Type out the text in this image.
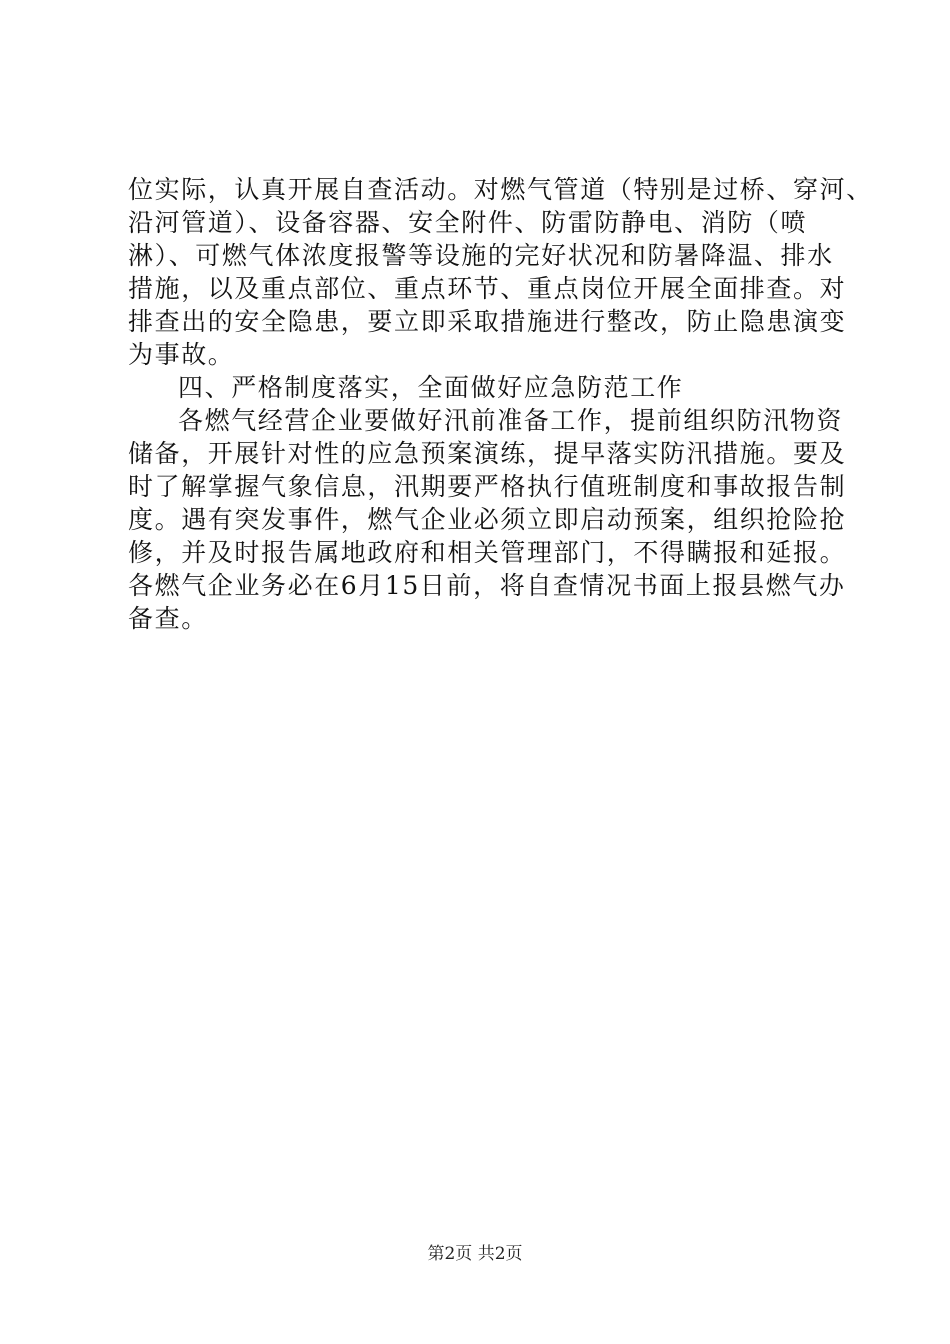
位实际，认真开展自查活动。对燃气管道（特别是过桥、穿河、
沿河管道）、设备容器、安全附件、防雷防静电、消防（喷
淋）、可燃气体浓度报警等设施的完好状况和防暑降温、排水
措施，以及重点部位、重点环节、重点岗位开展全面排查。对
排查出的安全隐患，要立即采取措施进行整改，防止隐患演变
为事故。
四、严格制度落实，全面做好应急防范工作
各燃气经营企业要做好汛前准备工作，提前组织防汛物资
储备，开展针对性的应急预案演练，提早落实防汛措施。要及
时了解掌握气象信息，汛期要严格执行值班制度和事故报告制
度。遇有突发事件，燃气企业必须立即启动预案，组织抢险抢
修，并及时报告属地政府和相关管理部门，不得瞒报和延报。
各燃气企业务必在6月15日前，将自查情况书面上报县燃气办
备查。
第2页 共2页
